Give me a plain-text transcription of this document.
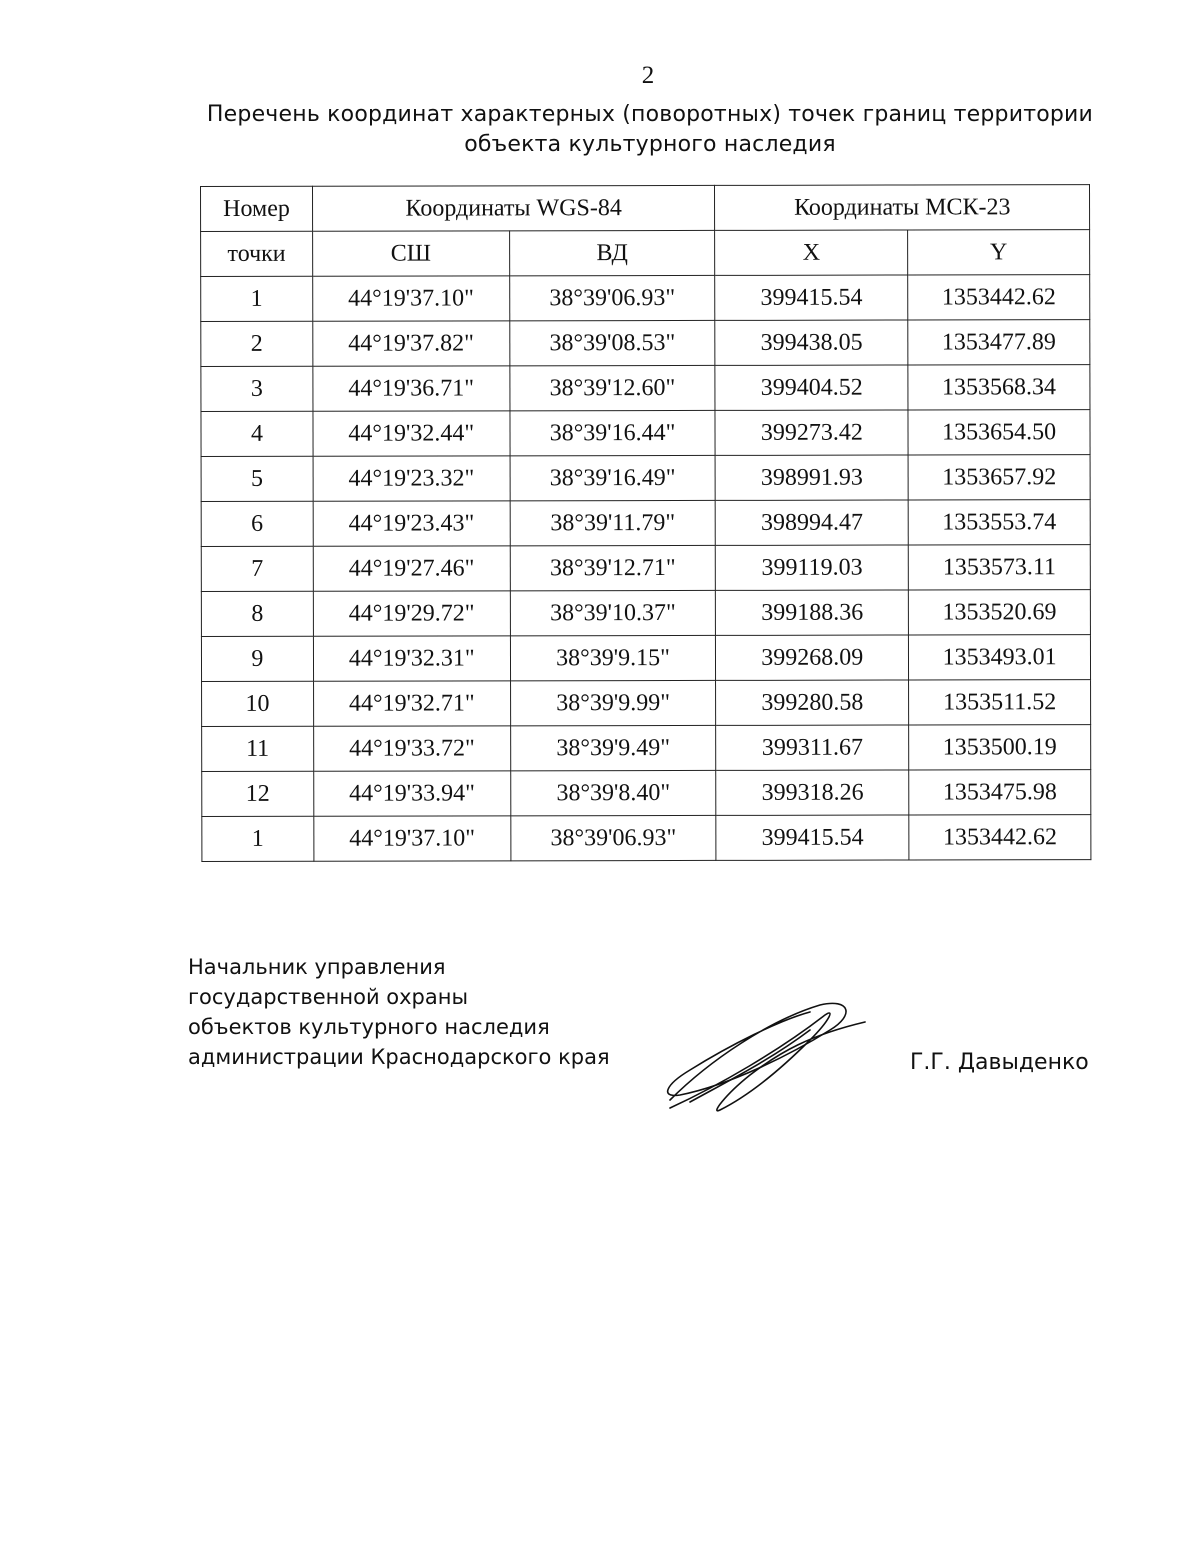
2
Перечень координат характерных (поворотных) точек границ территории
объекта культурного наследия
Номер	Координаты WGS-84		Координаты МСК-23	
точки	СШ	ВД	X	Y
1	44°19'37.10"	38°39'06.93"	399415.54	1353442.62
2	44°19'37.82"	38°39'08.53"	399438.05	1353477.89
3	44°19'36.71"	38°39'12.60"	399404.52	1353568.34
4	44°19'32.44"	38°39'16.44"	399273.42	1353654.50
5	44°19'23.32"	38°39'16.49"	398991.93	1353657.92
6	44°19'23.43"	38°39'11.79"	398994.47	1353553.74
7	44°19'27.46"	38°39'12.71"	399119.03	1353573.11
8	44°19'29.72"	38°39'10.37"	399188.36	1353520.69
9	44°19'32.31"	38°39'9.15"	399268.09	1353493.01
10	44°19'32.71"	38°39'9.99"	399280.58	1353511.52
11	44°19'33.72"	38°39'9.49"	399311.67	1353500.19
12	44°19'33.94"	38°39'8.40"	399318.26	1353475.98
1	44°19'37.10"	38°39'06.93"	399415.54	1353442.62
Начальник управления
государственной охраны
объектов культурного наследия
администрации Краснодарского края	Г.Г. Давыденко
